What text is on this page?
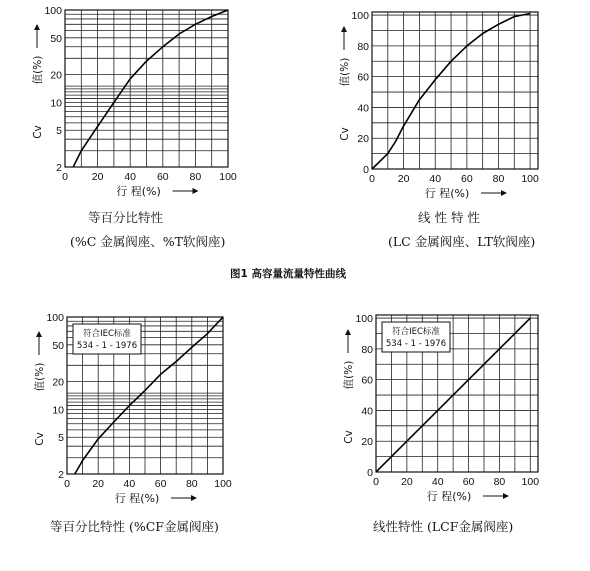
0 20 40 60 80 100
2
5
10
20
50
100
行 程(%)
值(%)
Cv
0 20 40 60 80 100
0
20
40
60
80
100
行 程(%)
值(%)
Cv
0 20 40 60 80 100
2
5
10
20
50
100
行 程(%)
值(%)
Cv
符合IEC标准
534 - 1 - 1976
0 20 40 60 80 100
0
20
40
60
80
100
行 程(%)
值(%)
Cv
符合IEC标准
534 - 1 - 1976
等百分比特性
(%C 金属阀座、%T软阀座)
线 性 特 性
(LC 金属阀座、LT软阀座)
图1 高容量流量特性曲线
等百分比特性 (%CF金属阀座)	线性特性 (LCF金属阀座)
